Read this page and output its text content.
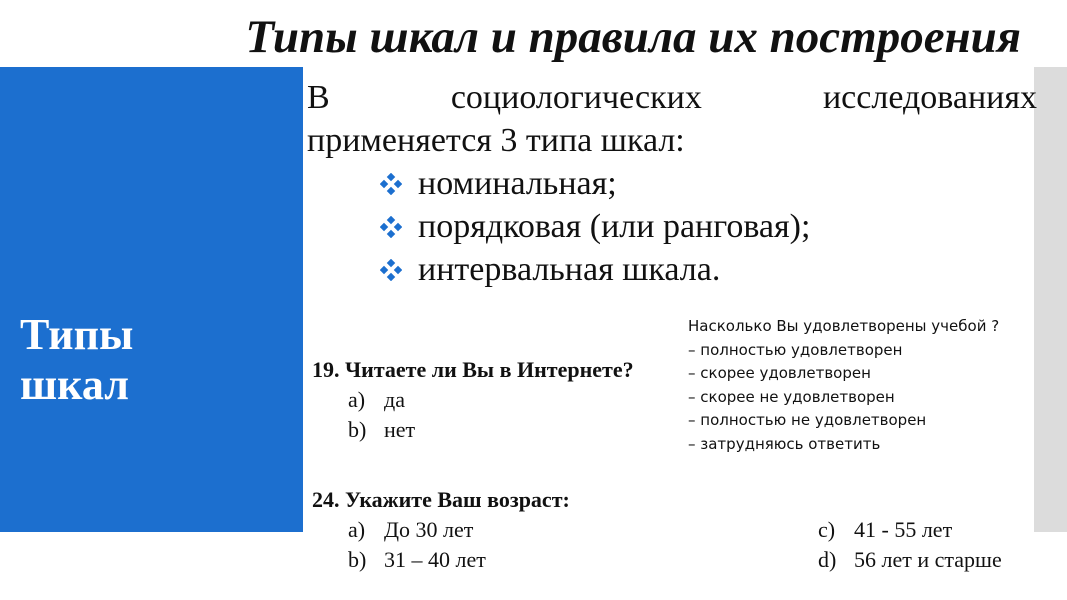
Типы шкал и правила их построения

Типы
шкал

В	социологических	исследованиях
применяется 3 типа шкал:
номинальная;
порядковая (или ранговая);
интервальная шкала.
19. Читаете ли Вы в Интернете?
a) да
b) нет
Насколько Вы удовлетворены учебой ?
– полностью удовлетворен
– скорее удовлетворен
– скорее не удовлетворен
– полностью не удовлетворен
– затрудняюсь ответить
24. Укажите Ваш возраст:
a) До 30 лет	c) 41 - 55 лет
b) 31 – 40 лет	d) 56 лет и старше
